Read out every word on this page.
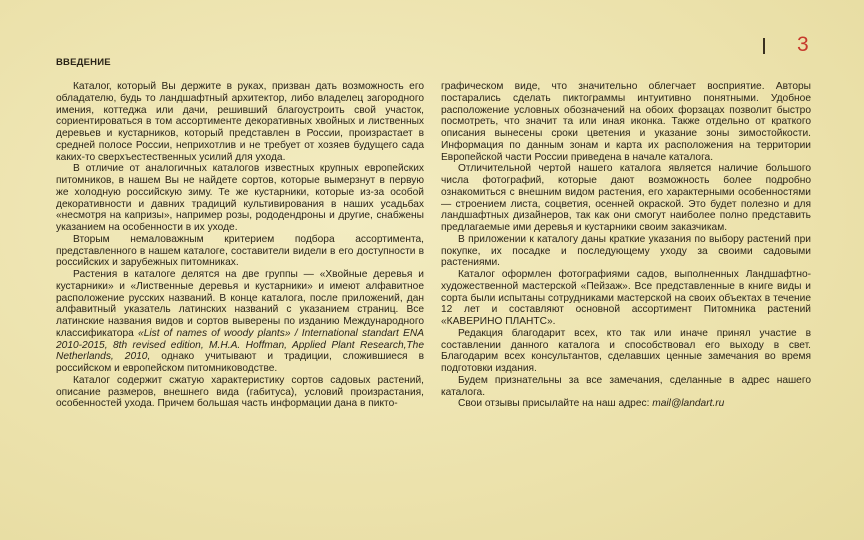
3
ВВЕДЕНИЕ

Каталог, который Вы держите в руках, призван дать возможность его обладателю, будь то ландшафтный архитектор, либо владелец загородного имения, коттеджа или дачи, решивший благоустроить свой участок, сориентироваться в том ассортименте декоративных хвойных и лиственных деревьев и кустарников, который представлен в России, произрастает в средней полосе России, неприхотлив и не требует от хозяев будущего сада каких-то сверхъестественных усилий для ухода.

В отличие от аналогичных каталогов известных крупных европейских питомников, в нашем Вы не найдете сортов, которые вымерзнут в первую же холодную российскую зиму. Те же кустарники, которые из-за особой декоративности и давних традиций культивирования в наших усадьбах «несмотря на капризы», например розы, рододендроны и другие, снабжены указанием на особенности в их уходе.

Вторым немаловажным критерием подбора ассортимента, представленного в нашем каталоге, составители видели в его доступности в российских и зарубежных питомниках.

Растения в каталоге делятся на две группы — «Хвойные деревья и кустарники» и «Лиственные деревья и кустарники» и имеют алфавитное расположение русских названий. В конце каталога, после приложений, дан алфавитный указатель латинских названий с указанием страниц. Все латинские названия видов и сортов выверены по изданию Международного классификатора «List of names of woody plants» / International standart ENA 2010-2015, 8th revised edition, M.H.A. Hoffman, Applied Plant Research,The Netherlands, 2010, однако учитывают и традиции, сложившиеся в российском и европейском питомниководстве.

Каталог содержит сжатую характеристику сортов садовых растений, описание размеров, внешнего вида (габитуса), условий произрастания, особенностей ухода. Причем большая часть информации дана в пикто-

графическом виде, что значительно облегчает восприятие. Авторы постарались сделать пиктограммы интуитивно понятными. Удобное расположение условных обозначений на обоих форзацах позволит быстро посмотреть, что значит та или иная иконка. Также отдельно от краткого описания вынесены сроки цветения и указание зоны зимостойкости. Информация по данным зонам и карта их расположения на территории Европейской части России приведена в начале каталога.

Отличительной чертой нашего каталога является наличие большого числа фотографий, которые дают возможность более подробно ознакомиться с внешним видом растения, его характерными особенностями — строением листа, соцветия, осенней окраской. Это будет полезно и для ландшафтных дизайнеров, так как они смогут наиболее полно представить предлагаемые ими деревья и кустарники своим заказчикам.

В приложении к каталогу даны краткие указания по выбору растений при покупке, их посадке и последующему уходу за своими садовыми растениями.

Каталог оформлен фотографиями садов, выполненных Ландшафтно-художественной мастерской «Пейзаж». Все представленные в книге виды и сорта были испытаны сотрудниками мастерской на своих объектах в течение 12 лет и составляют основной ассортимент Питомника растений «КАВЕРИНО ПЛАНТС».

Редакция благодарит всех, кто так или иначе принял участие в составлении данного каталога и способствовал его выходу в свет. Благодарим всех консультантов, сделавших ценные замечания во время подготовки издания.

Будем признательны за все замечания, сделанные в адрес нашего каталога.

Свои отзывы присылайте на наш адрес: mail@landart.ru
